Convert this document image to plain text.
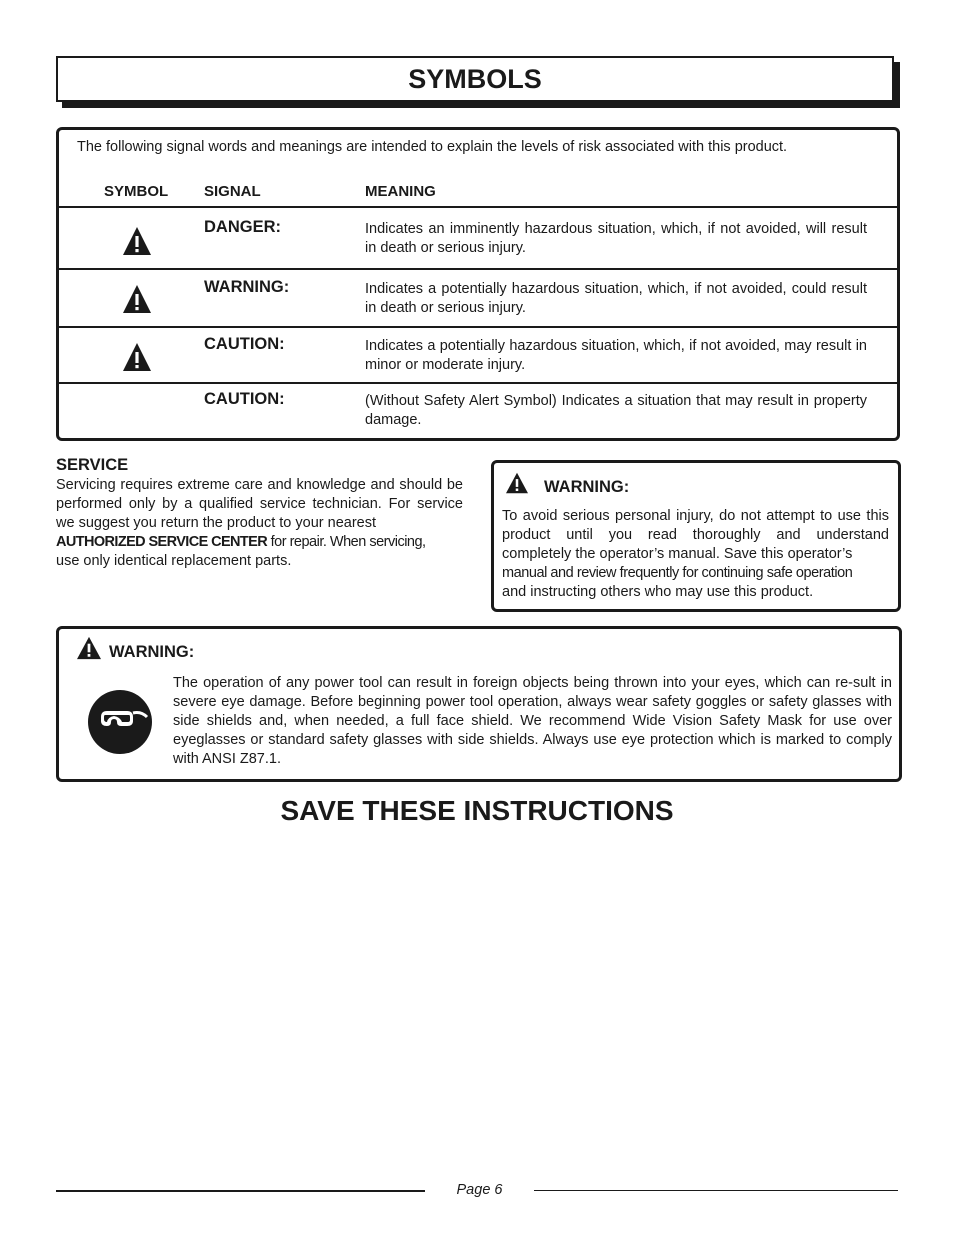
SYMBOLS
The following signal words and meanings are intended to explain the levels of risk associated with this product.
SYMBOL SIGNAL	MEANING
DANGER:	Indicates an imminently hazardous situation, which, if not avoided, will result in death or serious injury.
WARNING:	Indicates a potentially hazardous situation, which, if not avoided, could result in death or serious injury.
CAUTION:	Indicates a potentially hazardous situation, which, if not avoided, may result in minor or moderate injury.
CAUTION:	(Without Safety Alert Symbol) Indicates a situation that may result in property damage.
SERVICE
Servicing requires extreme care and knowledge and should be performed only by a qualified service technician. For service we suggest you return the product to your nearest
AUTHORIZED SERVICE CENTER for repair. When servicing,
use only identical replacement parts.
WARNING:
To avoid serious personal injury, do not attempt to use this product until you read thoroughly and understand completely the operator’s manual. Save this operator’s
manual and review frequently for continuing safe operation
and instructing others who may use this product.
WARNING:
The operation of any power tool can result in foreign objects being thrown into your eyes, which can re-sult in severe eye damage. Before beginning power tool operation, always wear safety goggles or safety glasses with side shields and, when needed, a full face shield. We recommend Wide Vision Safety Mask for use over eyeglasses or standard safety glasses with side shields. Always use eye protection which is marked to comply with ANSI Z87.1.
SAVE THESE INSTRUCTIONS
Page 6
